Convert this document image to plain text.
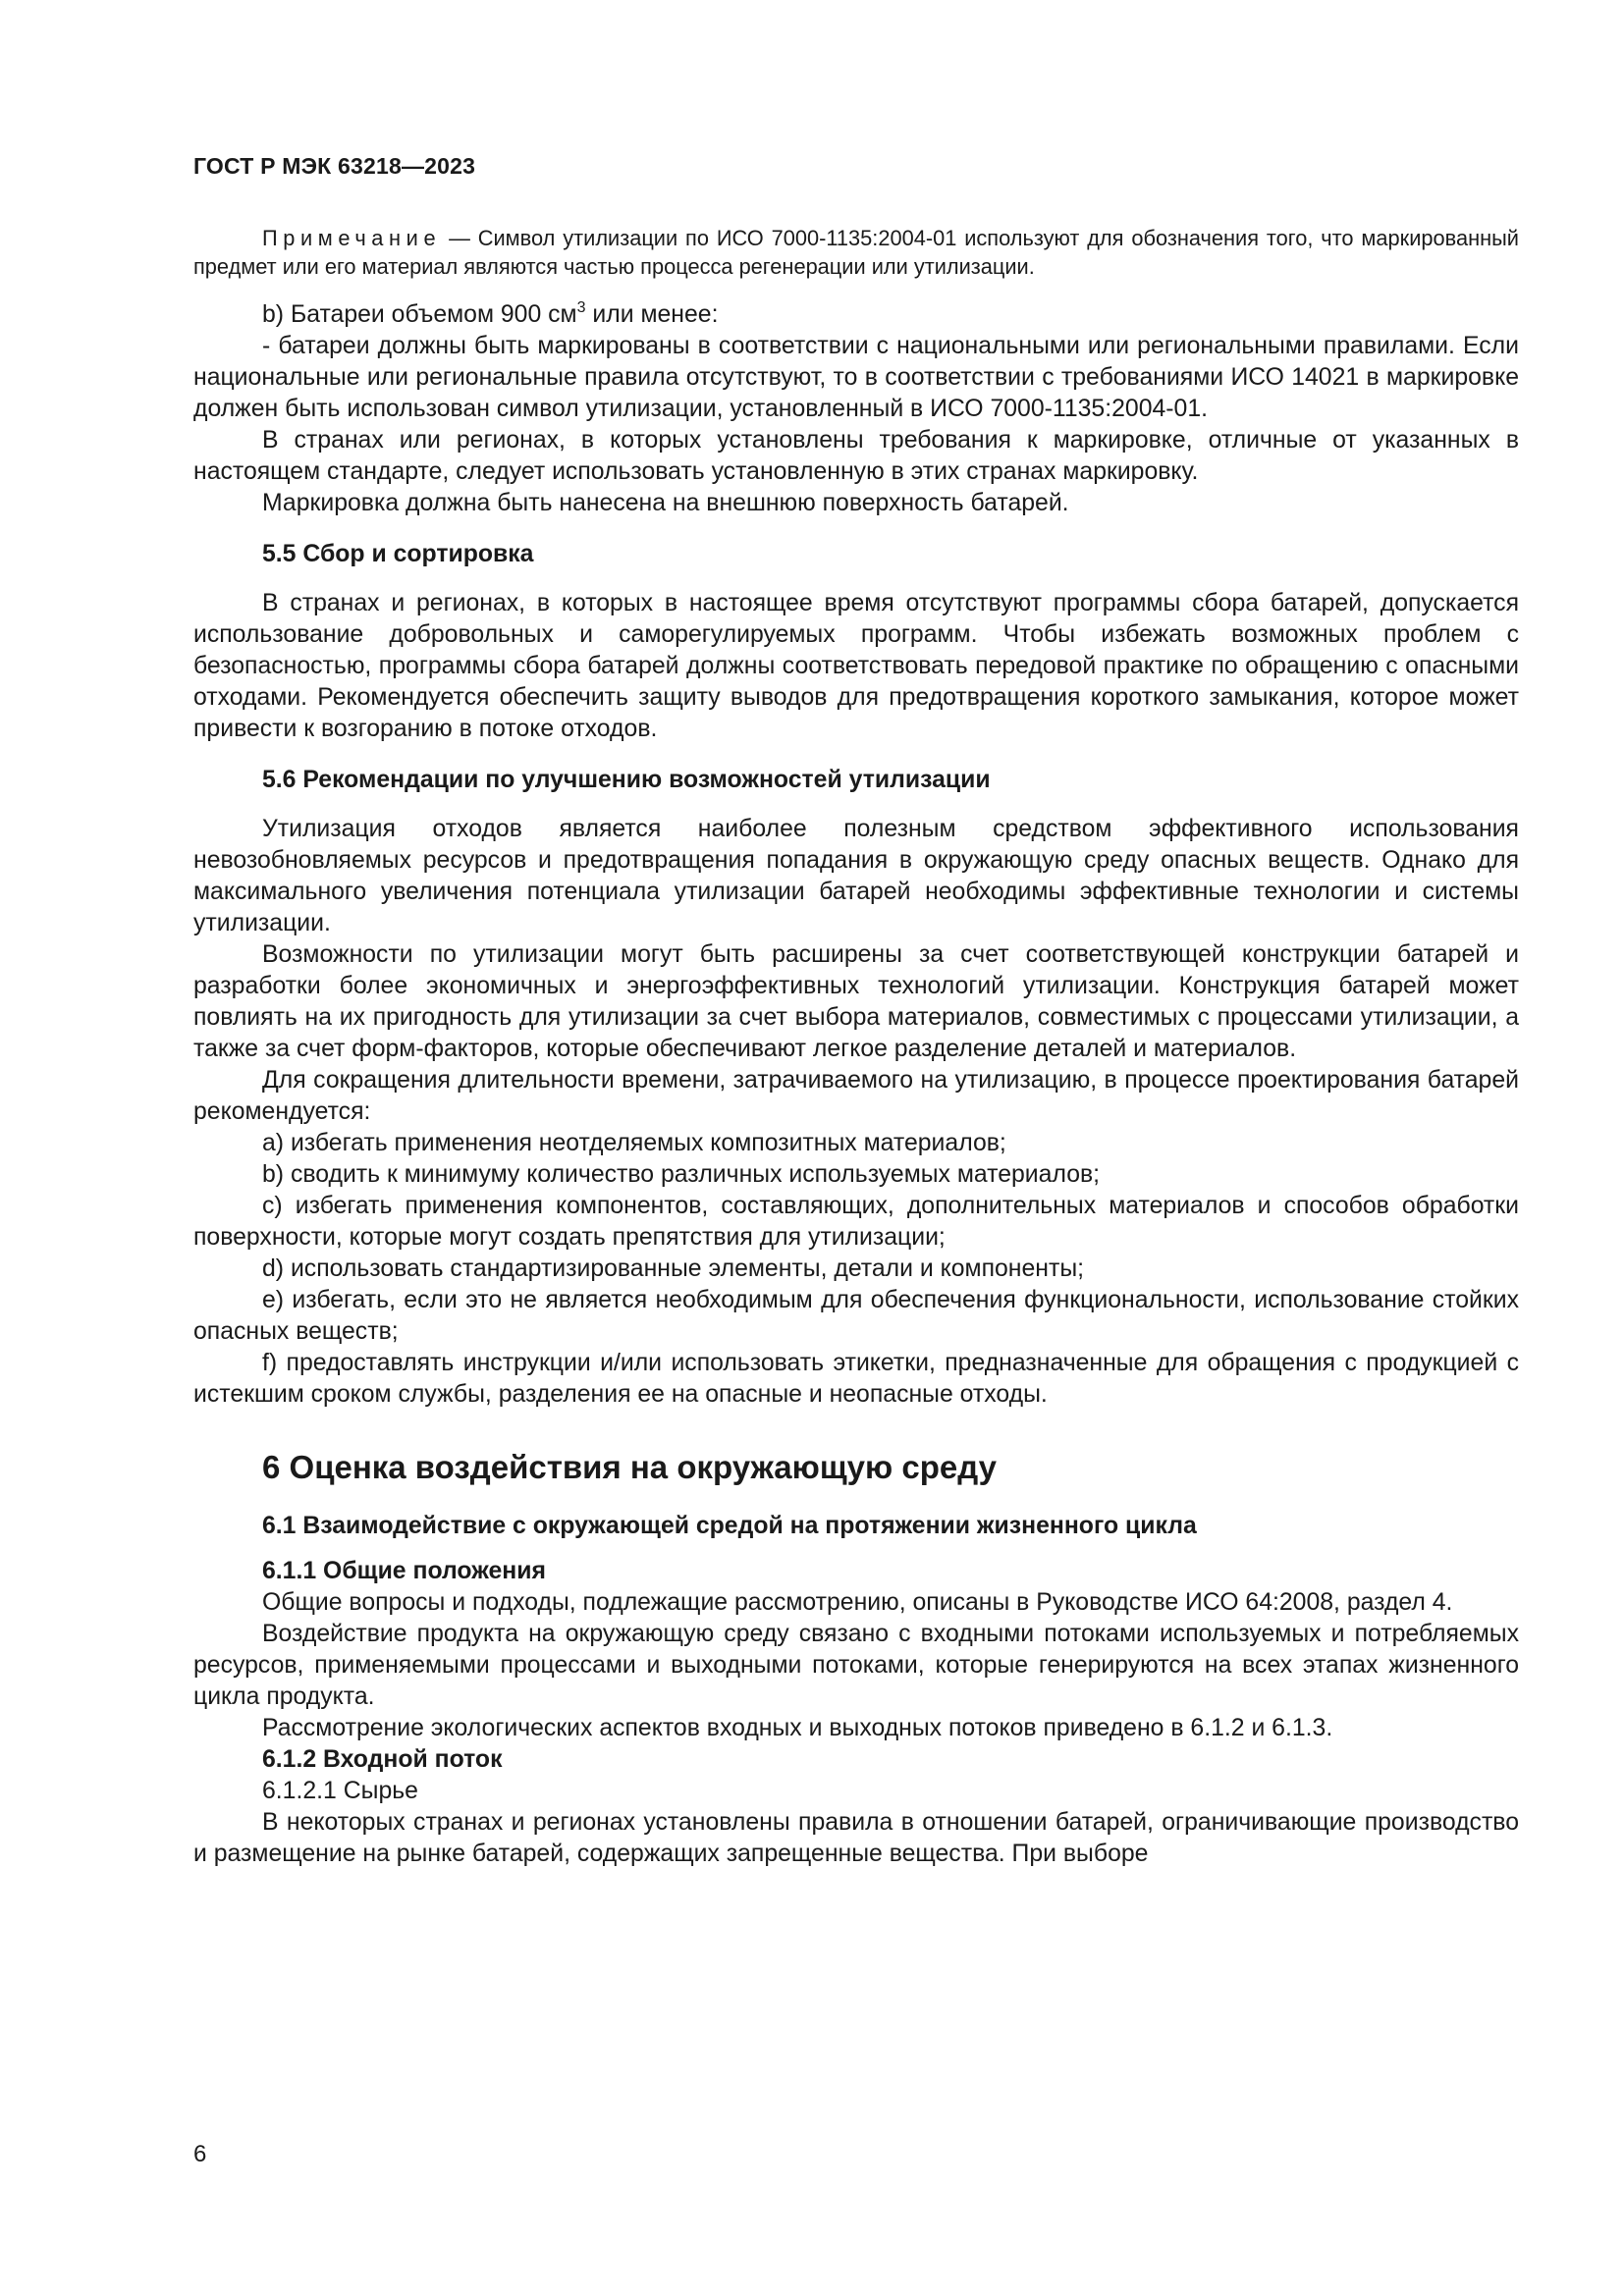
ГОСТ Р МЭК 63218—2023

Примечание — Символ утилизации по ИСО 7000-1135:2004-01 используют для обозначения того, что маркированный предмет или его материал являются частью процесса регенерации или утилизации.

b) Батареи объемом 900 $см^3$ или менее:

- батареи должны быть маркированы в соответствии с национальными или региональными правилами. Если национальные или региональные правила отсутствуют, то в соответствии с требованиями ИСО 14021 в маркировке должен быть использован символ утилизации, установленный в ИСО 7000-1135:2004-01.

В странах или регионах, в которых установлены требования к маркировке, отличные от указанных в настоящем стандарте, следует использовать установленную в этих странах маркировку.

Маркировка должна быть нанесена на внешнюю поверхность батарей.

5.5 Сбор и сортировка

В странах и регионах, в которых в настоящее время отсутствуют программы сбора батарей, допускается использование добровольных и саморегулируемых программ. Чтобы избежать возможных проблем с безопасностью, программы сбора батарей должны соответствовать передовой практике по обращению с опасными отходами. Рекомендуется обеспечить защиту выводов для предотвращения короткого замыкания, которое может привести к возгоранию в потоке отходов.

5.6 Рекомендации по улучшению возможностей утилизации

Утилизация отходов является наиболее полезным средством эффективного использования невозобновляемых ресурсов и предотвращения попадания в окружающую среду опасных веществ. Однако для максимального увеличения потенциала утилизации батарей необходимы эффективные технологии и системы утилизации.

Возможности по утилизации могут быть расширены за счет соответствующей конструкции батарей и разработки более экономичных и энергоэффективных технологий утилизации. Конструкция батарей может повлиять на их пригодность для утилизации за счет выбора материалов, совместимых с процессами утилизации, а также за счет форм-факторов, которые обеспечивают легкое разделение деталей и материалов.

Для сокращения длительности времени, затрачиваемого на утилизацию, в процессе проектирования батарей рекомендуется:

a) избегать применения неотделяемых композитных материалов;

b) сводить к минимуму количество различных используемых материалов;

c) избегать применения компонентов, составляющих, дополнительных материалов и способов обработки поверхности, которые могут создать препятствия для утилизации;

d) использовать стандартизированные элементы, детали и компоненты;

e) избегать, если это не является необходимым для обеспечения функциональности, использование стойких опасных веществ;

f) предоставлять инструкции и/или использовать этикетки, предназначенные для обращения с продукцией с истекшим сроком службы, разделения ее на опасные и неопасные отходы.

6 Оценка воздействия на окружающую среду
6.1 Взаимодействие с окружающей средой на протяжении жизненного цикла
6.1.1 Общие положения

Общие вопросы и подходы, подлежащие рассмотрению, описаны в Руководстве ИСО 64:2008, раздел 4.

Воздействие продукта на окружающую среду связано с входными потоками используемых и потребляемых ресурсов, применяемыми процессами и выходными потоками, которые генерируются на всех этапах жизненного цикла продукта.

Рассмотрение экологических аспектов входных и выходных потоков приведено в 6.1.2 и 6.1.3.

6.1.2 Входной поток

6.1.2.1 Сырье

В некоторых странах и регионах установлены правила в отношении батарей, ограничивающие производство и размещение на рынке батарей, содержащих запрещенные вещества. При выборе

6
